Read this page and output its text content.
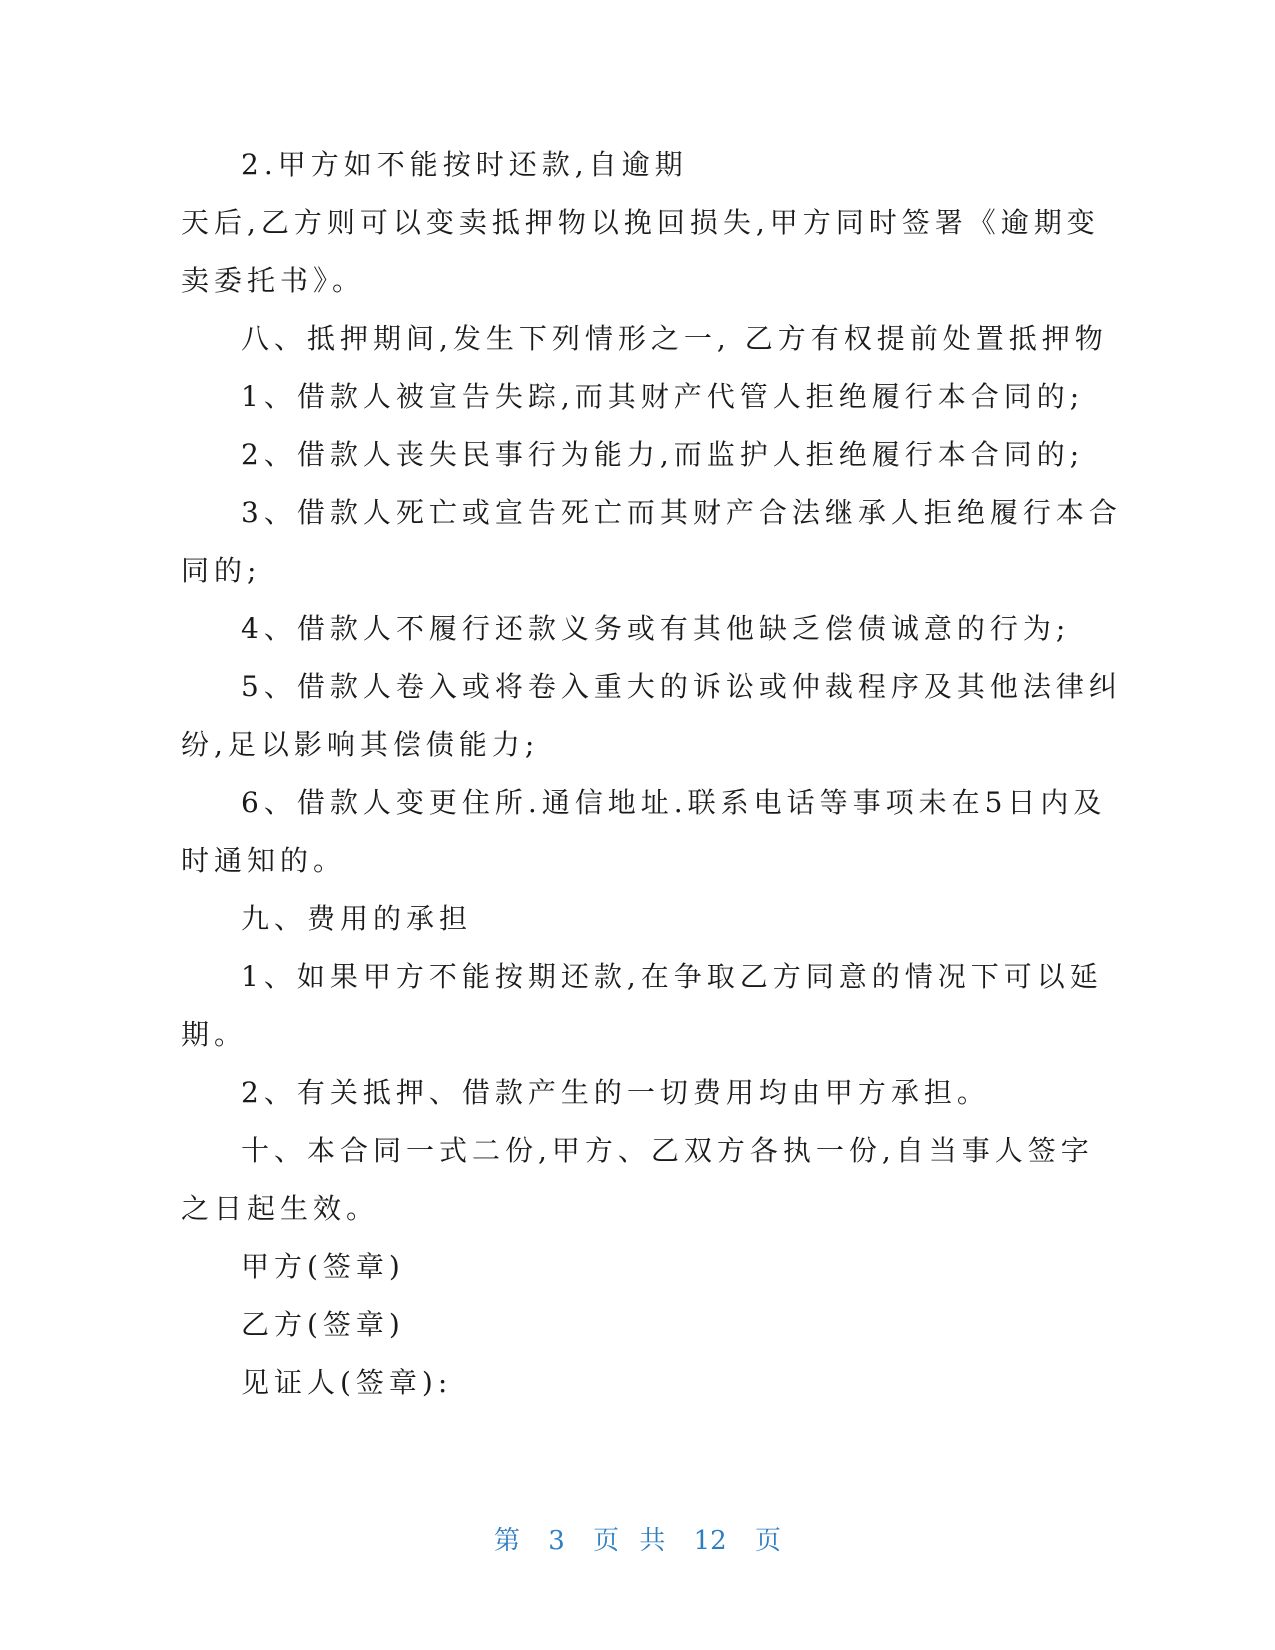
2.甲方如不能按时还款,自逾期

天后,乙方则可以变卖抵押物以挽回损失,甲方同时签署《逾期变

卖委托书》。

八、抵押期间,发生下列情形之一, 乙方有权提前处置抵押物

1、借款人被宣告失踪,而其财产代管人拒绝履行本合同的;

2、借款人丧失民事行为能力,而监护人拒绝履行本合同的;

3、借款人死亡或宣告死亡而其财产合法继承人拒绝履行本合

同的;

4、借款人不履行还款义务或有其他缺乏偿债诚意的行为;

5、借款人卷入或将卷入重大的诉讼或仲裁程序及其他法律纠

纷,足以影响其偿债能力;

6、借款人变更住所.通信地址.联系电话等事项未在5日内及

时通知的。

九、费用的承担

1、如果甲方不能按期还款,在争取乙方同意的情况下可以延

期。

2、有关抵押、借款产生的一切费用均由甲方承担。

十、本合同一式二份,甲方、乙双方各执一份,自当事人签字

之日起生效。

甲方(签章)

乙方(签章)

见证人(签章):

第 3 页 共 12 页
